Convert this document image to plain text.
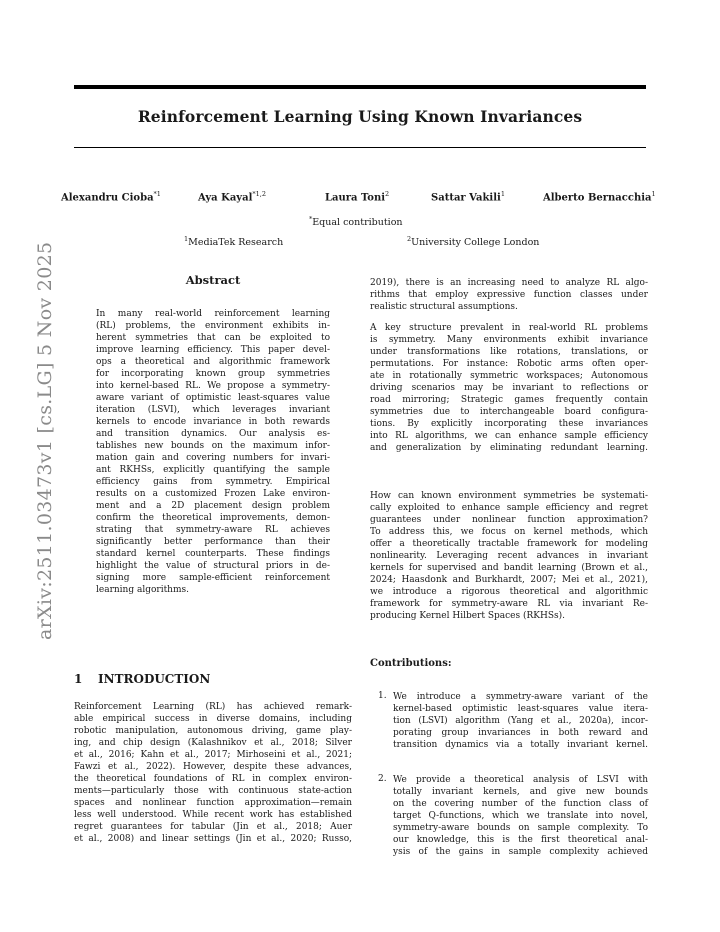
Reinforcement Learning Using Known Invariances
Alexandru Cioba$^{*1}$	Aya Kayal$^{*1,2}$	Laura Toni$^2$	Sattar Vakili$^1$	Alberto Bernacchia$^1$
*Equal contribution
$^1$MediaTek Research	$^2$University College London
arXiv:2511.03473v1 [cs.LG] 5 Nov 2025	Abstract
In many real-world reinforcement learning
(RL) problems, the environment exhibits in-
herent symmetries that can be exploited to
improve learning efficiency. This paper devel-
ops a theoretical and algorithmic framework
for incorporating known group symmetries
into kernel-based RL. We propose a symmetry-
aware variant of optimistic least-squares value
iteration (LSVI), which leverages invariant
kernels to encode invariance in both rewards
and transition dynamics. Our analysis es-
tablishes new bounds on the maximum infor-
mation gain and covering numbers for invari-
ant RKHSs, explicitly quantifying the sample
efficiency gains from symmetry. Empirical
results on a customized Frozen Lake environ-
ment and a 2D placement design problem
confirm the theoretical improvements, demon-
strating that symmetry-aware RL achieves
significantly better performance than their
standard kernel counterparts. These findings
highlight the value of structural priors in de-
signing more sample-efficient reinforcement
learning algorithms.
1 INTRODUCTION
Reinforcement Learning (RL) has achieved remark-
able empirical success in diverse domains, including
robotic manipulation, autonomous driving, game play-
ing, and chip design (Kalashnikov et al., 2018; Silver
et al., 2016; Kahn et al., 2017; Mirhoseini et al., 2021;
Fawzi et al., 2022). However, despite these advances,
the theoretical foundations of RL in complex environ-
ments—particularly those with continuous state-action
spaces and nonlinear function approximation—remain
less well understood. While recent work has established
regret guarantees for tabular (Jin et al., 2018; Auer
et al., 2008) and linear settings (Jin et al., 2020; Russo,
2019), there is an increasing need to analyze RL algo-
rithms that employ expressive function classes under
realistic structural assumptions.
A key structure prevalent in real-world RL problems
is symmetry. Many environments exhibit invariance
under transformations like rotations, translations, or
permutations. For instance: Robotic arms often oper-
ate in rotationally symmetric workspaces; Autonomous
driving scenarios may be invariant to reflections or
road mirroring; Strategic games frequently contain
symmetries due to interchangeable board configura-
tions. By explicitly incorporating these invariances
into RL algorithms, we can enhance sample efficiency
and generalization by eliminating redundant learning.
How can known environment symmetries be systemati-
cally exploited to enhance sample efficiency and regret
guarantees under nonlinear function approximation?
To address this, we focus on kernel methods, which
offer a theoretically tractable framework for modeling
nonlinearity. Leveraging recent advances in invariant
kernels for supervised and bandit learning (Brown et al.,
2024; Haasdonk and Burkhardt, 2007; Mei et al., 2021),
we introduce a rigorous theoretical and algorithmic
framework for symmetry-aware RL via invariant Re-
producing Kernel Hilbert Spaces (RKHSs).
Contributions:
1. We introduce a symmetry-aware variant of the
kernel-based optimistic least-squares value itera-
tion (LSVI) algorithm (Yang et al., 2020a), incor-
porating group invariances in both reward and
transition dynamics via a totally invariant kernel.
2. We provide a theoretical analysis of LSVI with
totally invariant kernels, and give new bounds
on the covering number of the function class of
target Q-functions, which we translate into novel,
symmetry-aware bounds on sample complexity. To
our knowledge, this is the first theoretical anal-
ysis of the gains in sample complexity achieved
